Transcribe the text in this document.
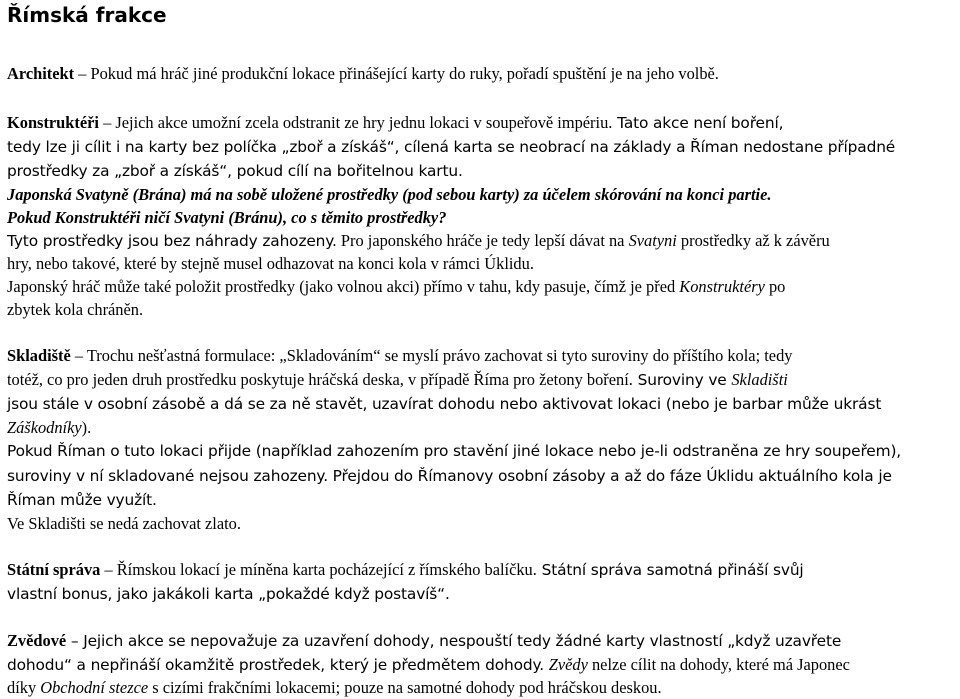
Římská frakce
Architekt – Pokud má hráč jiné produkční lokace přinášející karty do ruky, pořadí spuštění je na jeho volbě.
Konstruktéři – Jejich akce umožní zcela odstranit ze hry jednu lokaci v soupeřově impériu. Tato akce není boření,
tedy lze ji cílit i na karty bez políčka „zboř a získáš“, cílená karta se neobrací na základy a Říman nedostane případné
prostředky za „zboř a získáš“, pokud cílí na bořitelnou kartu.
Japonská Svatyně (Brána) má na sobě uložené prostředky (pod sebou karty) za účelem skórování na konci partie.
Pokud Konstruktéři ničí Svatyni (Bránu), co s těmito prostředky?
Tyto prostředky jsou bez náhrady zahozeny. Pro japonského hráče je tedy lepší dávat na Svatyni prostředky až k závěru
hry, nebo takové, které by stejně musel odhazovat na konci kola v rámci Úklidu.
Japonský hráč může také položit prostředky (jako volnou akci) přímo v tahu, kdy pasuje, čímž je před Konstruktéry po
zbytek kola chráněn.
Skladiště – Trochu nešťastná formulace: „Skladováním“ se myslí právo zachovat si tyto suroviny do příštího kola; tedy
totéž, co pro jeden druh prostředku poskytuje hráčská deska, v případě Říma pro žetony boření. Suroviny ve Skladišti
jsou stále v osobní zásobě a dá se za ně stavět, uzavírat dohodu nebo aktivovat lokaci (nebo je barbar může ukrást
Záškodníky).
Pokud Říman o tuto lokaci přijde (například zahozením pro stavění jiné lokace nebo je-li odstraněna ze hry soupeřem),
suroviny v ní skladované nejsou zahozeny. Přejdou do Římanovy osobní zásoby a až do fáze Úklidu aktuálního kola je
Říman může využít.
Ve Skladišti se nedá zachovat zlato.
Státní správa – Římskou lokací je míněna karta pocházející z římského balíčku. Státní správa samotná přináší svůj
vlastní bonus, jako jakákoli karta „pokaždé když postavíš“.
Zvědové – Jejich akce se nepovažuje za uzavření dohody, nespouští tedy žádné karty vlastností „když uzavřete
dohodu“ a nepřináší okamžitě prostředek, který je předmětem dohody. Zvědy nelze cílit na dohody, které má Japonec
díky Obchodní stezce s cizími frakčními lokacemi; pouze na samotné dohody pod hráčskou deskou.
